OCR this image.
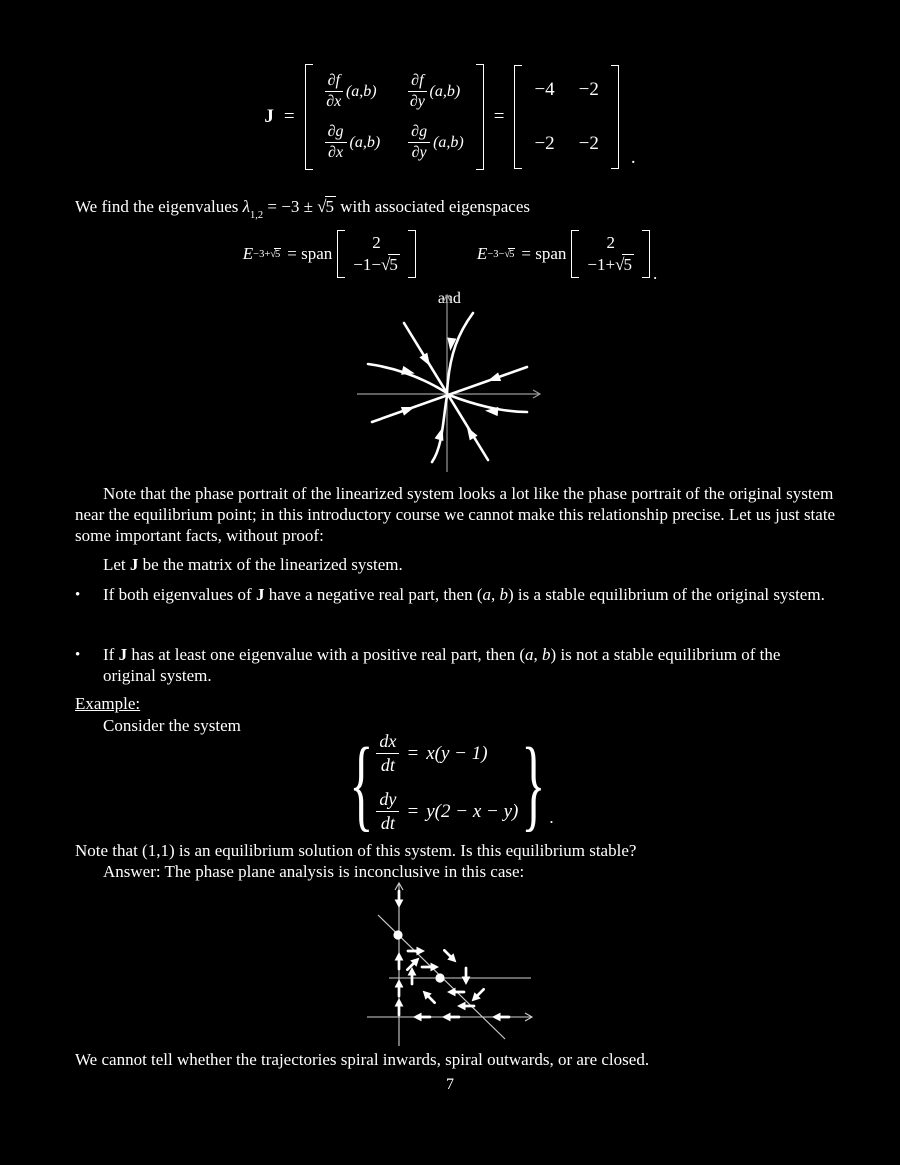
J =
∂f
∂x
(a,b)
∂f
∂y
(a,b)
∂g
∂x
(a,b)
∂g
∂y
(a,b)
=
−4 −2
−2 −2
.
We find the eigenvalues $\lambda_{1,2} = -3 \pm √5$ with associated eigenspaces
E −3+√5 = span
2
−1−√5
and
E −3−√5 = span
2
−1+√5 .
Note that the phase portrait of the linearized system looks a lot like the phase portrait of the original system near the equilibrium point; in this introductory course we cannot make this relationship precise. Let us just state some important facts, without proof:
Let J be the matrix of the linearized system.
•	If both eigenvalues of J have a negative real part, then (a, b) is a stable equilibrium of the original system.
•	If J has at least one eigenvalue with a positive real part, then (a, b) is not a stable equilibrium of the original system.
Example:
Consider the system { $\frac{dx}{dt} = x(y - 1)$
$\frac{dy}{dt} = y(2 - x - y)$ } .
Note that (1,1) is an equilibrium solution of this system. Is this equilibrium stable?
Answer: The phase plane analysis is inconclusive in this case:
We cannot tell whether the trajectories spiral inwards, spiral outwards, or are closed.
7
